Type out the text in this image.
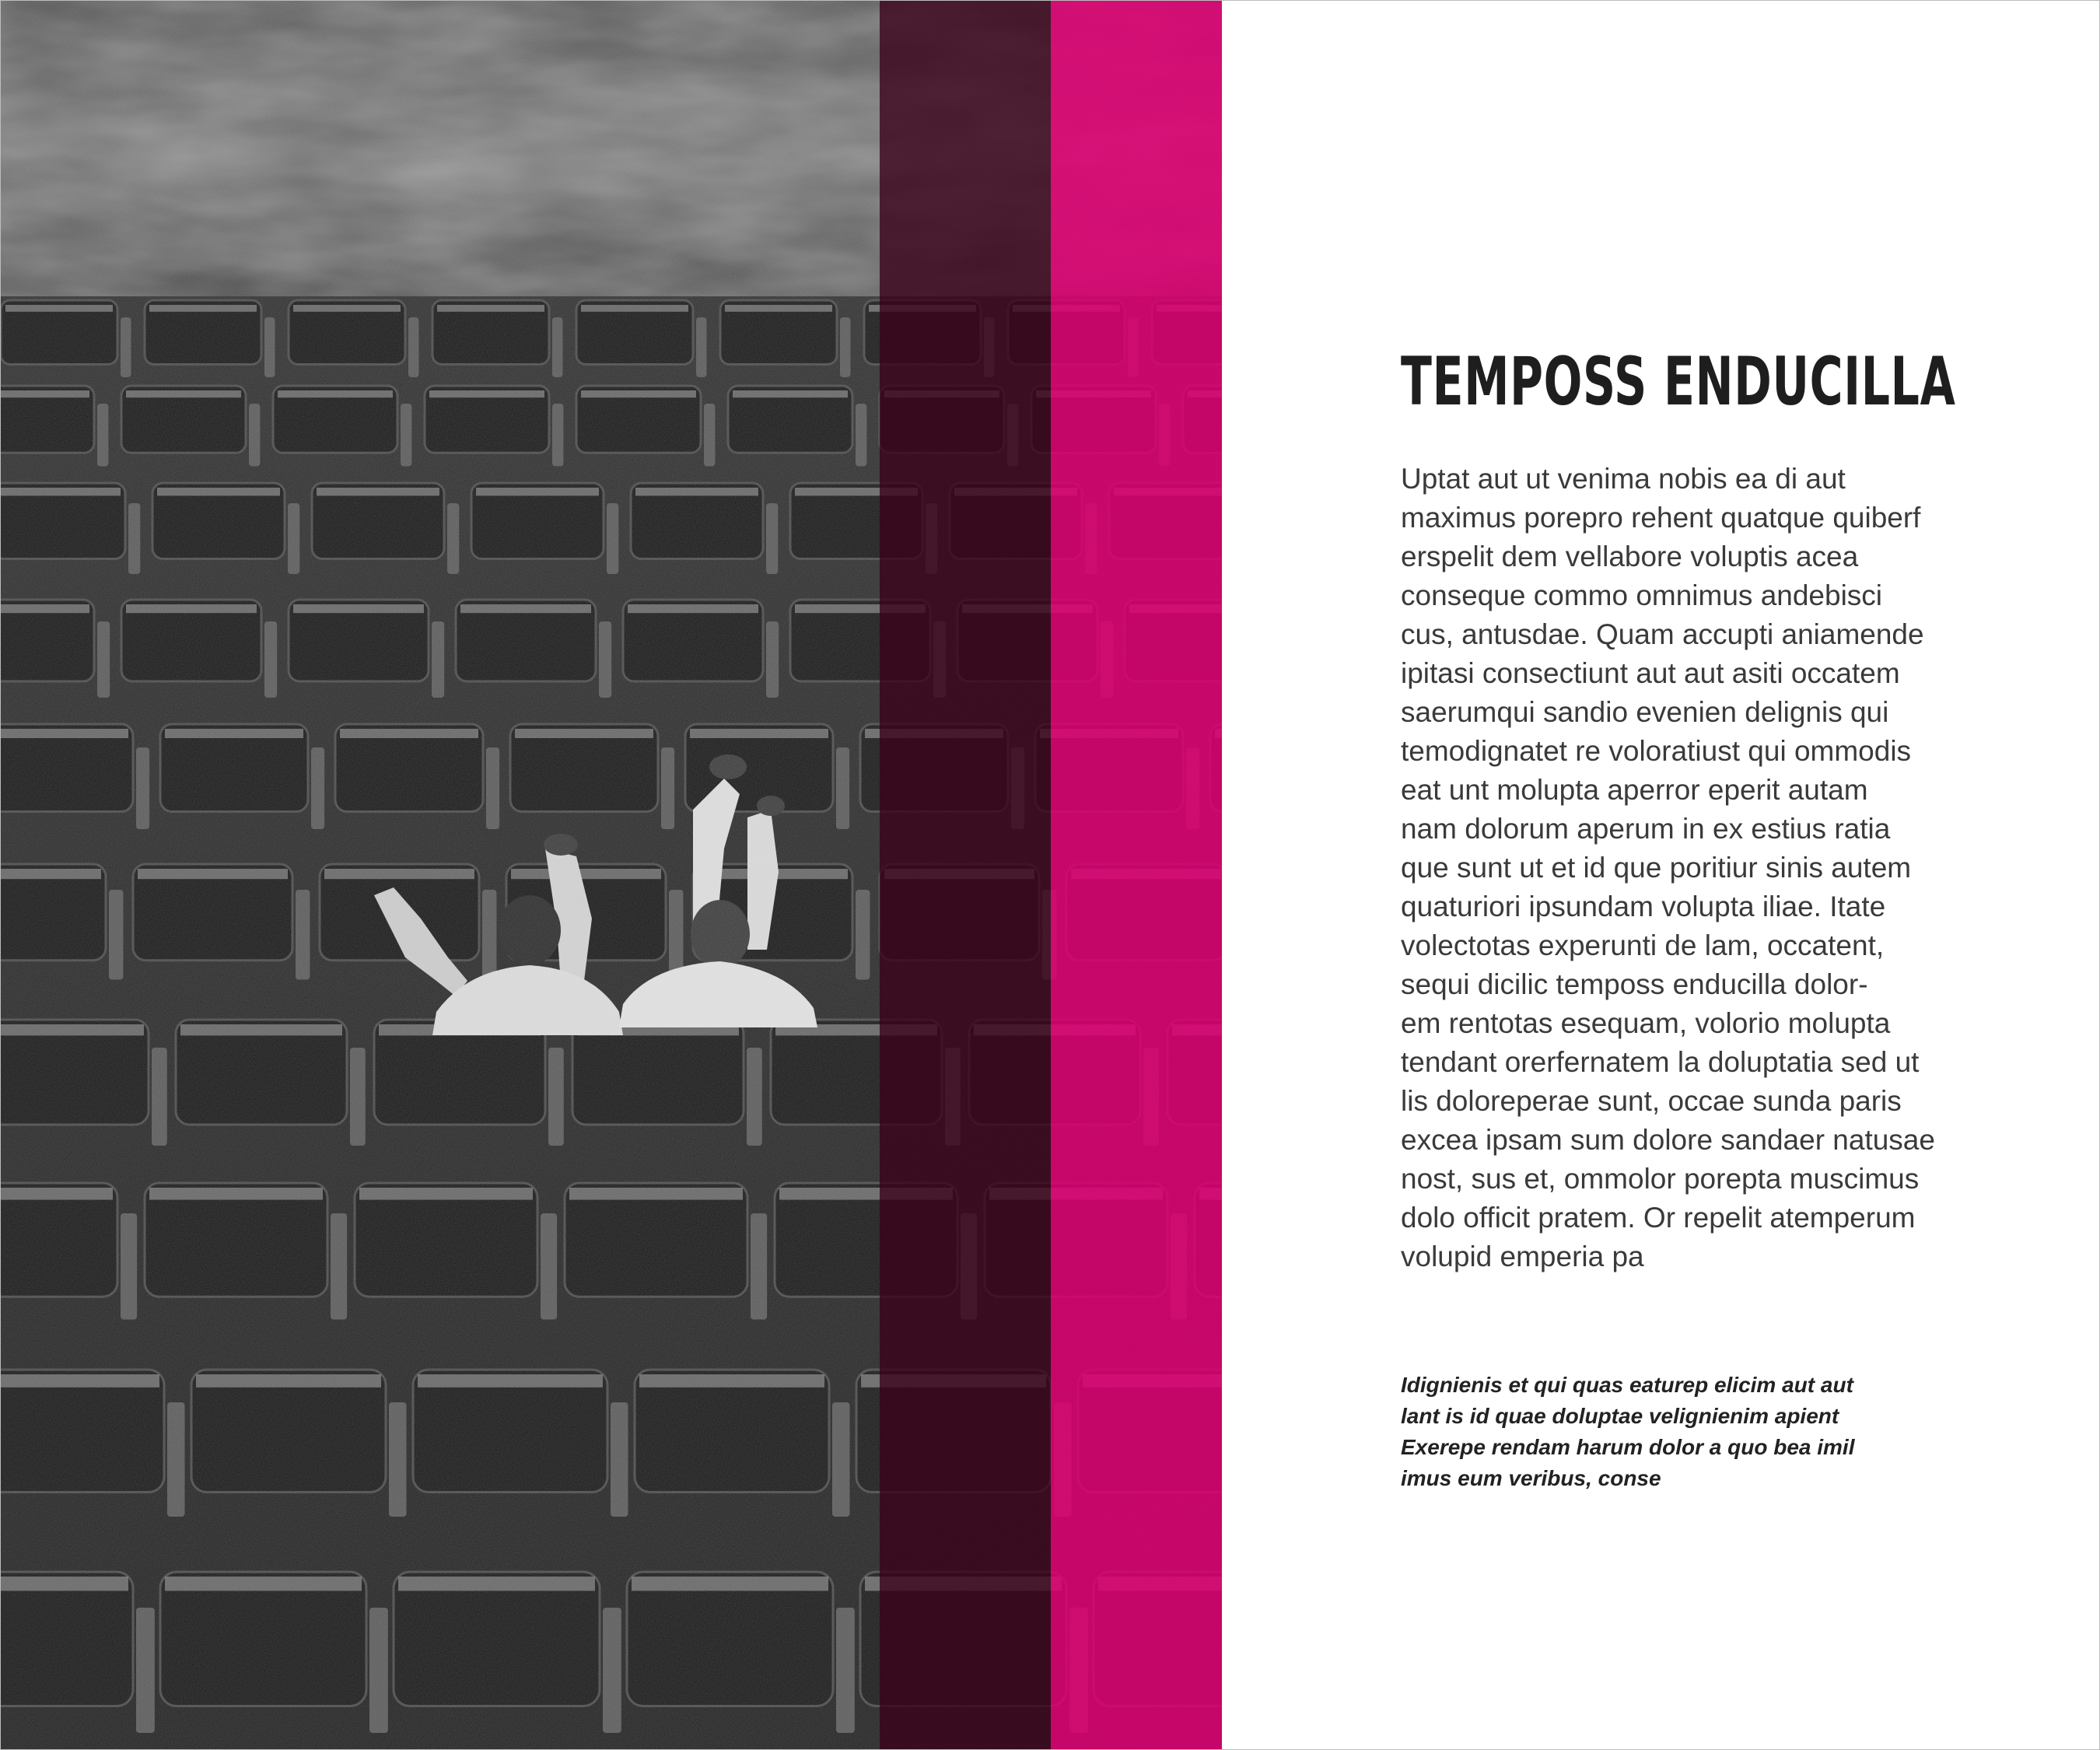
TEMPOSS ENDUCILLA
Uptat aut ut venima nobis ea di aut
maximus porepro rehent quatque quiberf
erspelit dem vellabore voluptis acea
conseque commo omnimus andebisci
cus, antusdae. Quam accupti aniamende
ipitasi consectiunt aut aut asiti occatem
saerumqui sandio evenien delignis qui
temodignatet re voloratiust qui ommodis
eat unt molupta aperror eperit autam
nam dolorum aperum in ex estius ratia
que sunt ut et id que poritiur sinis autem
quaturiori ipsundam volupta iliae. Itate
volectotas experunti de lam, occatent,
sequi dicilic temposs enducilla dolor-
em rentotas esequam, volorio molupta
tendant orerfernatem la doluptatia sed ut
lis doloreperae sunt, occae sunda paris
excea ipsam sum dolore sandaer natusae
nost, sus et, ommolor porepta muscimus
dolo officit pratem. Or repelit atemperum
volupid emperia pa
Idignienis et qui quas eaturep elicim aut aut
lant is id quae doluptae velignienim apient
Exerepe rendam harum dolor a quo bea imil
imus eum veribus, conse
